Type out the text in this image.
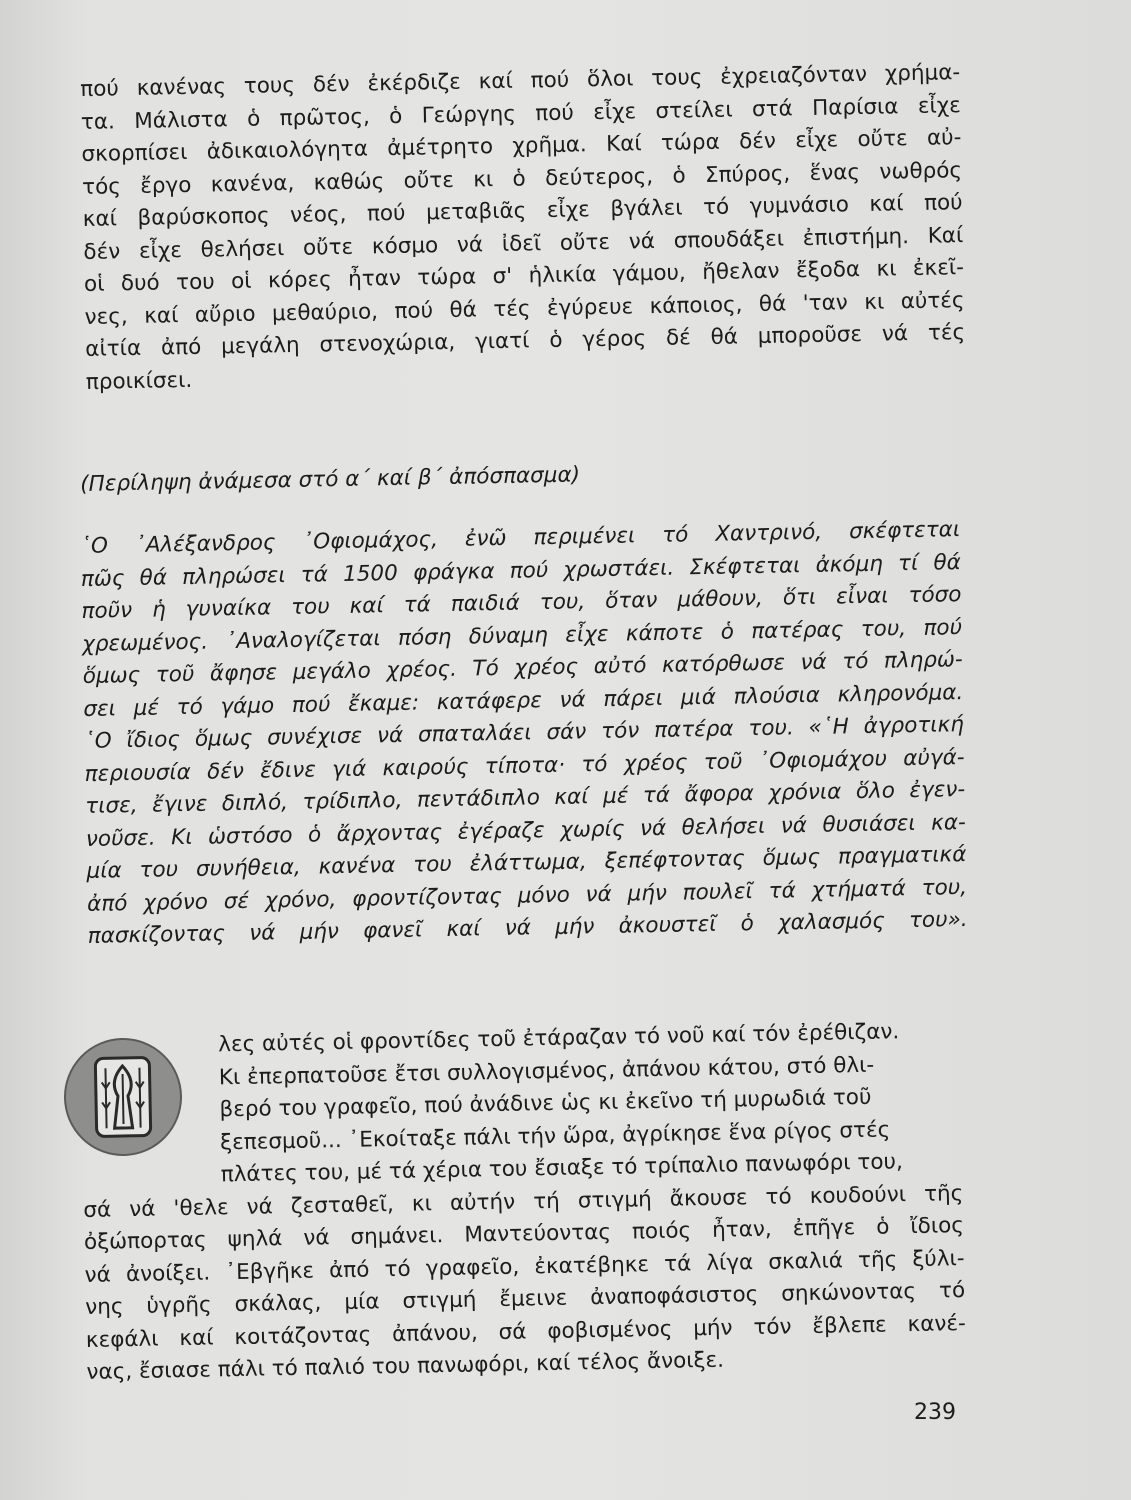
πού κανένας τους δέν ἐκέρδιζε καί πού ὅλοι τους ἐχρειαζόνταν χρήμα-
τα. Μάλιστα ὁ πρῶτος, ὁ Γεώργης πού εἶχε στείλει στά Παρίσια εἶχε
σκορπίσει ἀδικαιολόγητα ἀμέτρητο χρῆμα. Καί τώρα δέν εἶχε οὔτε αὐ-
τός ἔργο κανένα, καθώς οὔτε κι ὁ δεύτερος, ὁ Σπύρος, ἕνας νωθρός
καί βαρύσκοπος νέος, πού μεταβιᾶς εἶχε βγάλει τό γυμνάσιο καί πού
δέν εἶχε θελήσει οὔτε κόσμο νά ἰδεῖ οὔτε νά σπουδάξει ἐπιστήμη. Καί
οἱ δυό του οἱ κόρες ἦταν τώρα σ' ἡλικία γάμου, ἤθελαν ἔξοδα κι ἐκεῖ-
νες, καί αὔριο μεθαύριο, πού θά τές ἐγύρευε κάποιος, θά 'ταν κι αὐτές
αἰτία ἀπό μεγάλη στενοχώρια, γιατί ὁ γέρος δέ θά μποροῦσε νά τές
προικίσει.
(Περίληψη ἀνάμεσα στό α΄ καί β΄ ἀπόσπασμα)
῾Ο ᾿Αλέξανδρος ᾿Οφιομάχος, ἐνῶ περιμένει τό Χαντρινό, σκέφτεται
πῶς θά πληρώσει τά 1500 φράγκα πού χρωστάει. Σκέφτεται ἀκόμη τί θά
ποῦν ἡ γυναίκα του καί τά παιδιά του, ὅταν μάθουν, ὅτι εἶναι τόσο
χρεωμένος. ᾿Αναλογίζεται πόση δύναμη εἶχε κάποτε ὁ πατέρας του, πού
ὅμως τοῦ ἄφησε μεγάλο χρέος. Τό χρέος αὐτό κατόρθωσε νά τό πληρώ-
σει μέ τό γάμο πού ἔκαμε: κατάφερε νά πάρει μιά πλούσια κληρονόμα.
῾Ο ἴδιος ὅμως συνέχισε νά σπαταλάει σάν τόν πατέρα του. «῾Η ἀγροτική
περιουσία δέν ἔδινε γιά καιρούς τίποτα· τό χρέος τοῦ ᾿Οφιομάχου αὐγά-
τισε, ἔγινε διπλό, τρίδιπλο, πεντάδιπλο καί μέ τά ἄφορα χρόνια ὅλο ἐγεν-
νοῦσε. Κι ὡστόσο ὁ ἄρχοντας ἐγέραζε χωρίς νά θελήσει νά θυσιάσει κα-
μία του συνήθεια, κανένα του ἐλάττωμα, ξεπέφτοντας ὅμως πραγματικά
ἀπό χρόνο σέ χρόνο, φροντίζοντας μόνο νά μήν πουλεῖ τά χτήματά του,
πασκίζοντας νά μήν φανεῖ καί νά μήν ἀκουστεῖ ὁ χαλασμός του».
λες αὐτές οἱ φροντίδες τοῦ ἐτάραζαν τό νοῦ καί τόν ἐρέθιζαν.
Κι ἐπερπατοῦσε ἔτσι συλλογισμένος, ἀπάνου κάτου, στό θλι-
βερό του γραφεῖο, πού ἀνάδινε ὡς κι ἐκεῖνο τή μυρωδιά τοῦ
ξεπεσμοῦ... ᾿Εκοίταξε πάλι τήν ὥρα, ἀγρίκησε ἕνα ρίγος στές
πλάτες του, μέ τά χέρια του ἔσιαξε τό τρίπαλιο πανωφόρι του,
σά νά 'θελε νά ζεσταθεῖ, κι αὐτήν τή στιγμή ἄκουσε τό κουδούνι τῆς
ὀξώπορτας ψηλά νά σημάνει. Μαντεύοντας ποιός ἦταν, ἐπῆγε ὁ ἴδιος
νά ἀνοίξει. ᾿Εβγῆκε ἀπό τό γραφεῖο, ἐκατέβηκε τά λίγα σκαλιά τῆς ξύλι-
νης ὑγρῆς σκάλας, μία στιγμή ἔμεινε ἀναποφάσιστος σηκώνοντας τό
κεφάλι καί κοιτάζοντας ἀπάνου, σά φοβισμένος μήν τόν ἔβλεπε κανέ-
νας, ἔσιασε πάλι τό παλιό του πανωφόρι, καί τέλος ἄνοιξε.
239
